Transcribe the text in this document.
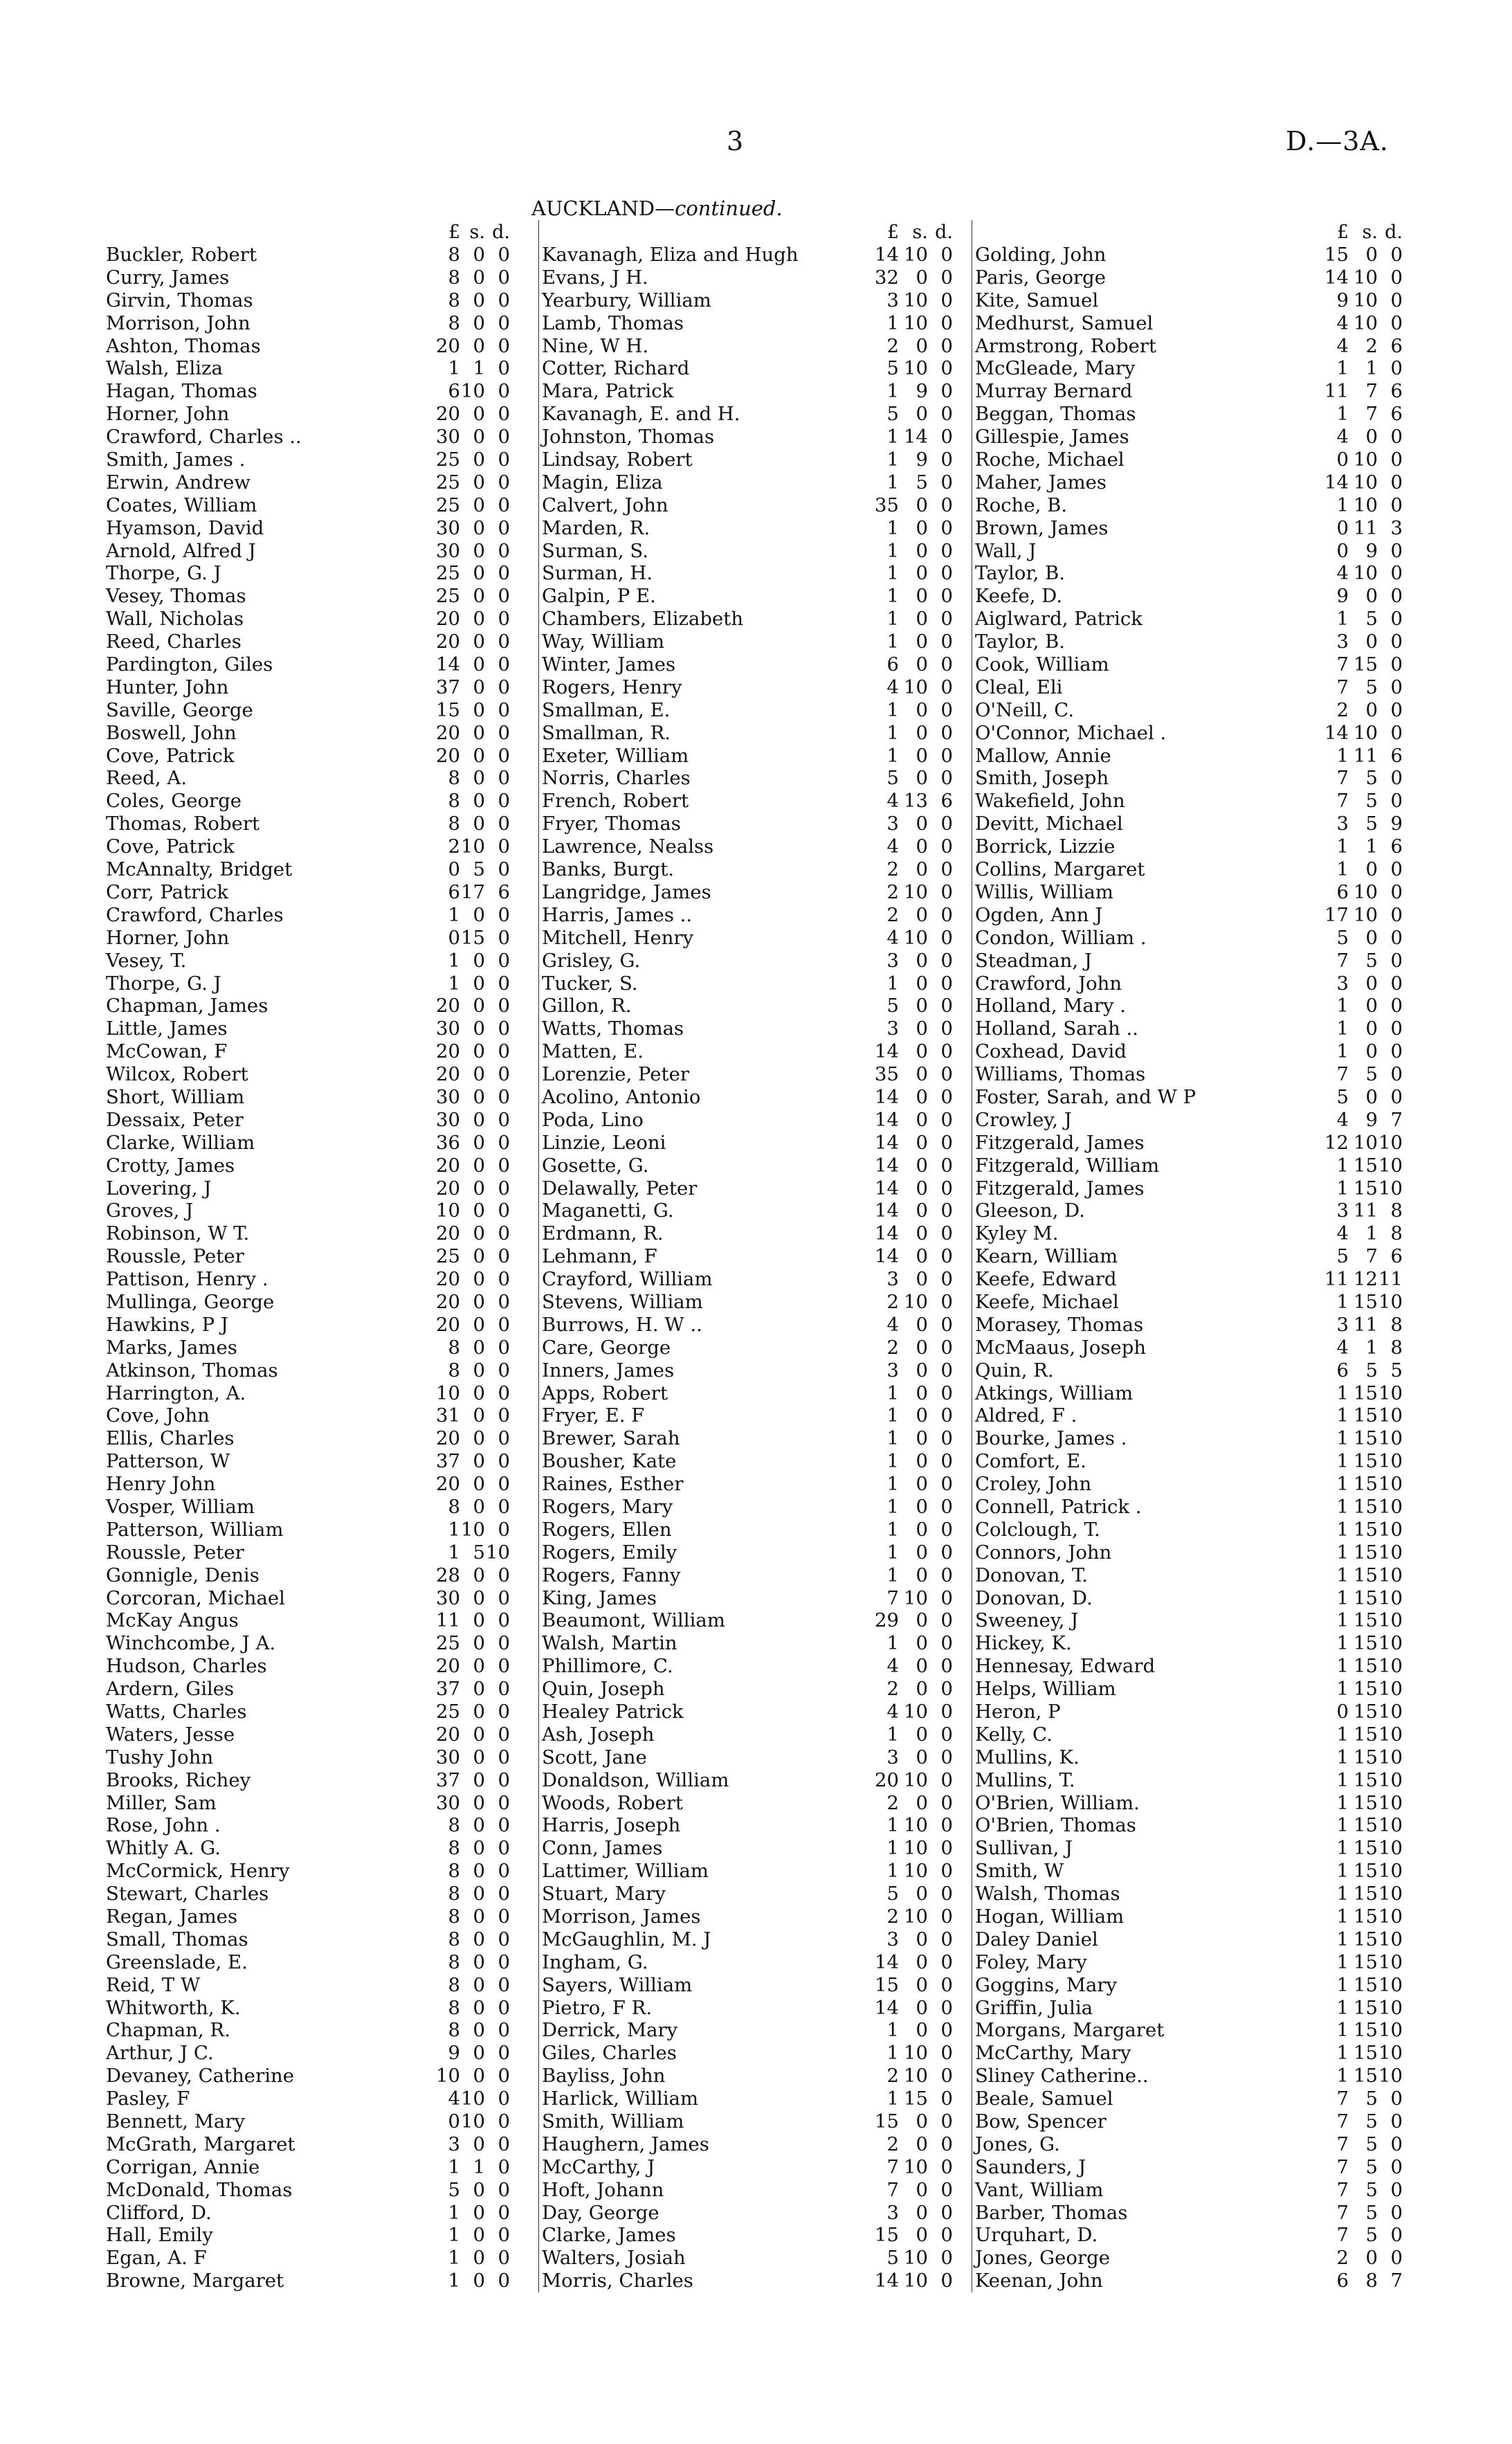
3	D.—3A.
AUCKLAND—continued.
£ s. d.
Buckler, Robert	8 0 0
Curry, James	8 0 0
Girvin, Thomas	8 0 0
Morrison, John	8 0 0
Ashton, Thomas	20 0 0
Walsh, Eliza	1 1 0
Hagan, Thomas	6 10 0
Horner, John	20 0 0
Crawford, Charles ..	30 0 0
Smith, James .	25 0 0
Erwin, Andrew	25 0 0
Coates, William	25 0 0
Hyamson, David	30 0 0
Arnold, Alfred J	30 0 0
Thorpe, G. J	25 0 0
Vesey, Thomas	25 0 0
Wall, Nicholas	20 0 0
Reed, Charles	20 0 0
Pardington, Giles	14 0 0
Hunter, John	37 0 0
Saville, George	15 0 0
Boswell, John	20 0 0
Cove, Patrick	20 0 0
Reed, A.	8 0 0
Coles, George	8 0 0
Thomas, Robert	8 0 0
Cove, Patrick	2 10 0
McAnnalty, Bridget	0 5 0
Corr, Patrick	6 17 6
Crawford, Charles	1 0 0
Horner, John	0 15 0
Vesey, T.	1 0 0
Thorpe, G. J	1 0 0
Chapman, James	20 0 0
Little, James	30 0 0
McCowan, F	20 0 0
Wilcox, Robert	20 0 0
Short, William	30 0 0
Dessaix, Peter	30 0 0
Clarke, William	36 0 0
Crotty, James	20 0 0
Lovering, J	20 0 0
Groves, J	10 0 0
Robinson, W T.	20 0 0
Roussle, Peter	25 0 0
Pattison, Henry .	20 0 0
Mullinga, George	20 0 0
Hawkins, P J	20 0 0
Marks, James	8 0 0
Atkinson, Thomas	8 0 0
Harrington, A.	10 0 0
Cove, John	31 0 0
Ellis, Charles	20 0 0
Patterson, W	37 0 0
Henry John	20 0 0
Vosper, William	8 0 0
Patterson, William	1 10 0
Roussle, Peter	1 5 10
Gonnigle, Denis	28 0 0
Corcoran, Michael	30 0 0
McKay Angus	11 0 0
Winchcombe, J A.	25 0 0
Hudson, Charles	20 0 0
Ardern, Giles	37 0 0
Watts, Charles	25 0 0
Waters, Jesse	20 0 0
Tushy John	30 0 0
Brooks, Richey	37 0 0
Miller, Sam	30 0 0
Rose, John .	8 0 0
Whitly A. G.	8 0 0
McCormick, Henry	8 0 0
Stewart, Charles	8 0 0
Regan, James	8 0 0
Small, Thomas	8 0 0
Greenslade, E.	8 0 0
Reid, T W	8 0 0
Whitworth, K.	8 0 0
Chapman, R.	8 0 0
Arthur, J C.	9 0 0
Devaney, Catherine	10 0 0
Pasley, F	4 10 0
Bennett, Mary	0 10 0
McGrath, Margaret	3 0 0
Corrigan, Annie	1 1 0
McDonald, Thomas	5 0 0
Clifford, D.	1 0 0
Hall, Emily	1 0 0
Egan, A. F	1 0 0
Browne, Margaret	1 0 0
£ s. d.
Kavanagh, Eliza and Hugh	14 10 0
Evans, J H.	32 0 0
Yearbury, William	3 10 0
Lamb, Thomas	1 10 0
Nine, W H.	2 0 0
Cotter, Richard	5 10 0
Mara, Patrick	1 9 0
Kavanagh, E. and H.	5 0 0
Johnston, Thomas	1 14 0
Lindsay, Robert	1 9 0
Magin, Eliza	1 5 0
Calvert, John	35 0 0
Marden, R.	1 0 0
Surman, S.	1 0 0
Surman, H.	1 0 0
Galpin, P E.	1 0 0
Chambers, Elizabeth	1 0 0
Way, William	1 0 0
Winter, James	6 0 0
Rogers, Henry	4 10 0
Smallman, E.	1 0 0
Smallman, R.	1 0 0
Exeter, William	1 0 0
Norris, Charles	5 0 0
French, Robert	4 13 6
Fryer, Thomas	3 0 0
Lawrence, Nealss	4 0 0
Banks, Burgt.	2 0 0
Langridge, James	2 10 0
Harris, James ..	2 0 0
Mitchell, Henry	4 10 0
Grisley, G.	3 0 0
Tucker, S.	1 0 0
Gillon, R.	5 0 0
Watts, Thomas	3 0 0
Matten, E.	14 0 0
Lorenzie, Peter	35 0 0
Acolino, Antonio	14 0 0
Poda, Lino	14 0 0
Linzie, Leoni	14 0 0
Gosette, G.	14 0 0
Delawally, Peter	14 0 0
Maganetti, G.	14 0 0
Erdmann, R.	14 0 0
Lehmann, F	14 0 0
Crayford, William	3 0 0
Stevens, William	2 10 0
Burrows, H. W ..	4 0 0
Care, George	2 0 0
Inners, James	3 0 0
Apps, Robert	1 0 0
Fryer, E. F	1 0 0
Brewer, Sarah	1 0 0
Bousher, Kate	1 0 0
Raines, Esther	1 0 0
Rogers, Mary	1 0 0
Rogers, Ellen	1 0 0
Rogers, Emily	1 0 0
Rogers, Fanny	1 0 0
King, James	7 10 0
Beaumont, William	29 0 0
Walsh, Martin	1 0 0
Phillimore, C.	4 0 0
Quin, Joseph	2 0 0
Healey Patrick	4 10 0
Ash, Joseph	1 0 0
Scott, Jane	3 0 0
Donaldson, William	20 10 0
Woods, Robert	2 0 0
Harris, Joseph	1 10 0
Conn, James	1 10 0
Lattimer, William	1 10 0
Stuart, Mary	5 0 0
Morrison, James	2 10 0
McGaughlin, M. J	3 0 0
Ingham, G.	14 0 0
Sayers, William	15 0 0
Pietro, F R.	14 0 0
Derrick, Mary	1 0 0
Giles, Charles	1 10 0
Bayliss, John	2 10 0
Harlick, William	1 15 0
Smith, William	15 0 0
Haughern, James	2 0 0
McCarthy, J	7 10 0
Hoft, Johann	7 0 0
Day, George	3 0 0
Clarke, James	15 0 0
Walters, Josiah	5 10 0
Morris, Charles	14 10 0
£ s. d.
Golding, John	15 0 0
Paris, George	14 10 0
Kite, Samuel	9 10 0
Medhurst, Samuel	4 10 0
Armstrong, Robert	4 2 6
McGleade, Mary	1 1 0
Murray Bernard	11 7 6
Beggan, Thomas	1 7 6
Gillespie, James	4 0 0
Roche, Michael	0 10 0
Maher, James	14 10 0
Roche, B.	1 10 0
Brown, James	0 11 3
Wall, J	0 9 0
Taylor, B.	4 10 0
Keefe, D.	9 0 0
Aiglward, Patrick	1 5 0
Taylor, B.	3 0 0
Cook, William	7 15 0
Cleal, Eli	7 5 0
O'Neill, C.	2 0 0
O'Connor, Michael .	14 10 0
Mallow, Annie	1 11 6
Smith, Joseph	7 5 0
Wakefield, John	7 5 0
Devitt, Michael	3 5 9
Borrick, Lizzie	1 1 6
Collins, Margaret	1 0 0
Willis, William	6 10 0
Ogden, Ann J	17 10 0
Condon, William .	5 0 0
Steadman, J	7 5 0
Crawford, John	3 0 0
Holland, Mary .	1 0 0
Holland, Sarah ..	1 0 0
Coxhead, David	1 0 0
Williams, Thomas	7 5 0
Foster, Sarah, and W P	5 0 0
Crowley, J	4 9 7
Fitzgerald, James	12 10 10
Fitzgerald, William	1 15 10
Fitzgerald, James	1 15 10
Gleeson, D.	3 11 8
Kyley M.	4 1 8
Kearn, William	5 7 6
Keefe, Edward	11 12 11
Keefe, Michael	1 15 10
Morasey, Thomas	3 11 8
McMaaus, Joseph	4 1 8
Quin, R.	6 5 5
Atkings, William	1 15 10
Aldred, F .	1 15 10
Bourke, James .	1 15 10
Comfort, E.	1 15 10
Croley, John	1 15 10
Connell, Patrick .	1 15 10
Colclough, T.	1 15 10
Connors, John	1 15 10
Donovan, T.	1 15 10
Donovan, D.	1 15 10
Sweeney, J	1 15 10
Hickey, K.	1 15 10
Hennesay, Edward	1 15 10
Helps, William	1 15 10
Heron, P	0 15 10
Kelly, C.	1 15 10
Mullins, K.	1 15 10
Mullins, T.	1 15 10
O'Brien, William.	1 15 10
O'Brien, Thomas	1 15 10
Sullivan, J	1 15 10
Smith, W	1 15 10
Walsh, Thomas	1 15 10
Hogan, William	1 15 10
Daley Daniel	1 15 10
Foley, Mary	1 15 10
Goggins, Mary	1 15 10
Griffin, Julia	1 15 10
Morgans, Margaret	1 15 10
McCarthy, Mary	1 15 10
Sliney Catherine..	1 15 10
Beale, Samuel	7 5 0
Bow, Spencer	7 5 0
Jones, G.	7 5 0
Saunders, J	7 5 0
Vant, William	7 5 0
Barber, Thomas	7 5 0
Urquhart, D.	7 5 0
Jones, George	2 0 0
Keenan, John	6 8 7
